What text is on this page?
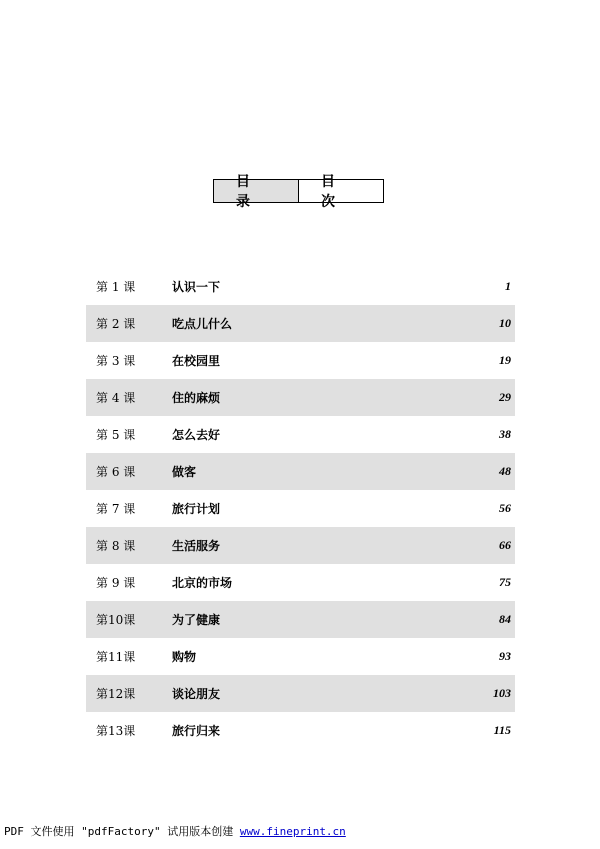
目录
目次
第 1 课	认识一下	1
第 2 课	吃点儿什么	10
第 3 课	在校园里	19
第 4 课	住的麻烦	29
第 5 课	怎么去好	38
第 6 课	做客	48
第 7 课	旅行计划	56
第 8 课	生活服务	66
第 9 课	北京的市场	75
第10课	为了健康	84
第11课	购物	93
第12课	谈论朋友	103
第13课	旅行归来	115
PDF 文件使用 "pdfFactory" 试用版本创建 www.fineprint.cn
